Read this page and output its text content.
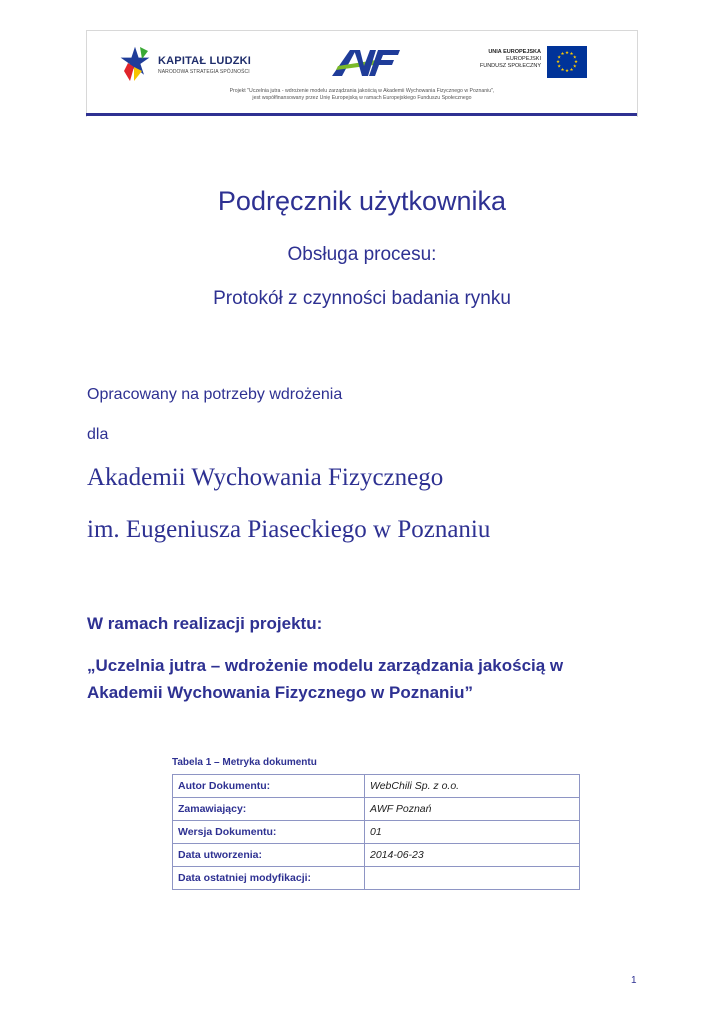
KAPITAŁ LUDZKI
NARODOWA STRATEGIA SPÓJNOŚCI
AWF
UNIA EUROPEJSKA
EUROPEJSKI
FUNDUSZ SPOŁECZNY
★ ★
★
★
★
★
★
★
★
★
★
★
Projekt "Uczelnia jutra - wdrożenie modelu zarządzania jakością w Akademii Wychowania Fizycznego w Poznaniu",
jest współfinansowany przez Unię Europejską w ramach Europejskiego Funduszu Społecznego
Podręcznik użytkownika
Obsługa procesu:
Protokół z czynności badania rynku
Opracowany na potrzeby wdrożenia
dla
Akademii Wychowania Fizycznego
im. Eugeniusza Piaseckiego w Poznaniu
W ramach realizacji projektu:
„Uczelnia jutra – wdrożenie modelu zarządzania jakością w Akademii Wychowania Fizycznego w Poznaniu”
Tabela 1 – Metryka dokumentu
Autor Dokumentu:	WebChili Sp. z o.o.
Zamawiający:	AWF Poznań
Wersja Dokumentu:	01
Data utworzenia:	2014-06-23
Data ostatniej modyfikacji:	
1
